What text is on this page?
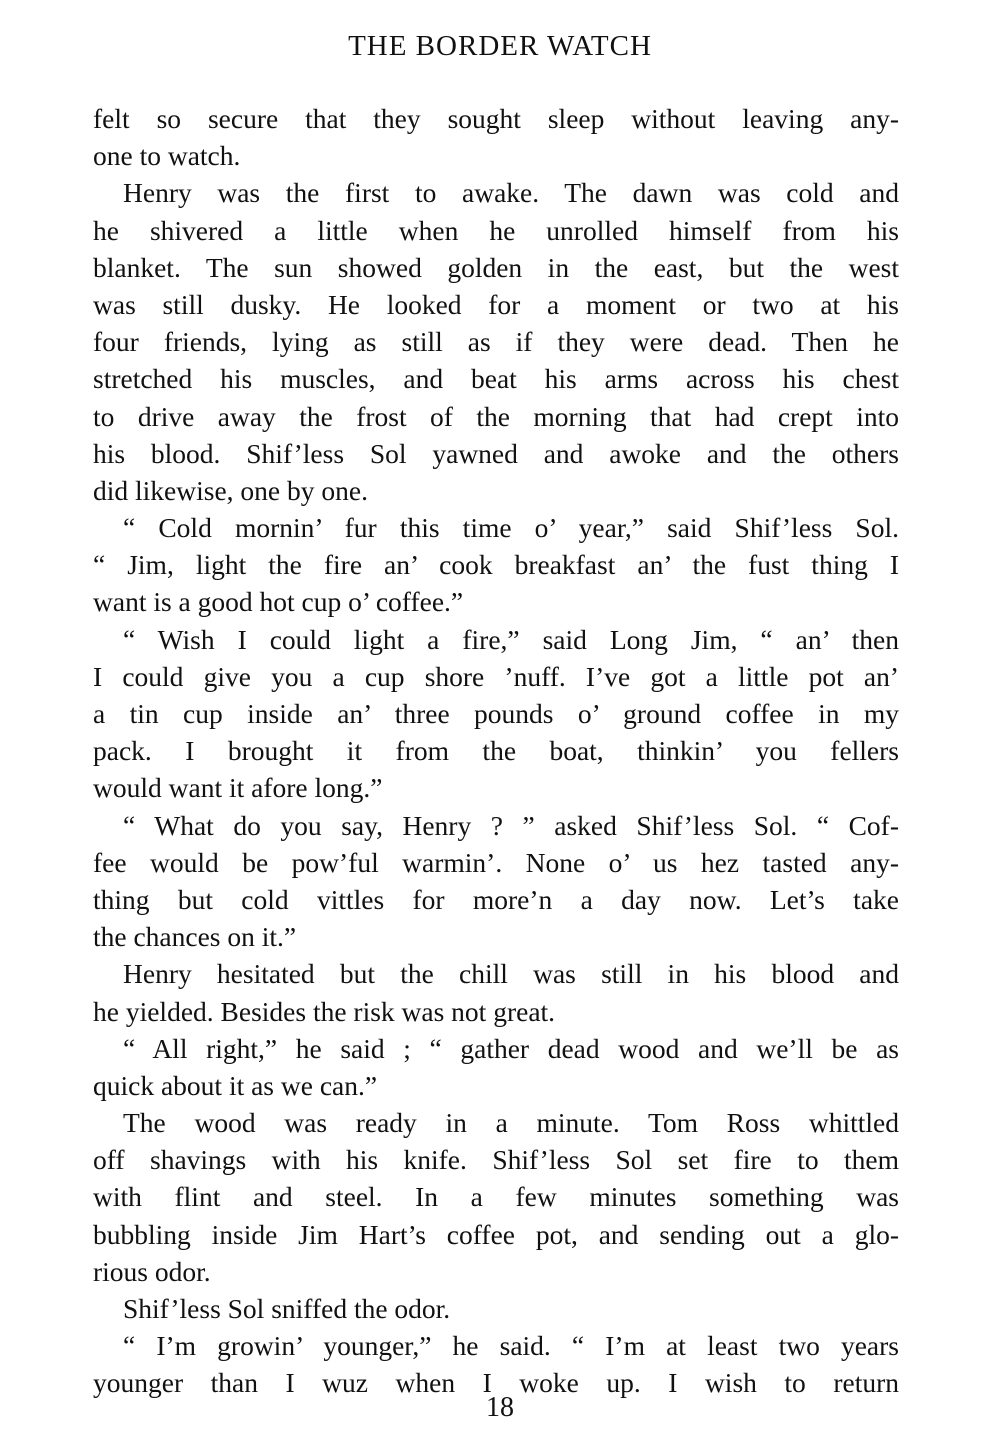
THE BORDER WATCH
felt so secure that they sought sleep without leaving any-
one to watch.
Henry was the first to awake. The dawn was cold and
he shivered a little when he unrolled himself from his
blanket. The sun showed golden in the east, but the west
was still dusky. He looked for a moment or two at his
four friends, lying as still as if they were dead. Then he
stretched his muscles, and beat his arms across his chest
to drive away the frost of the morning that had crept into
his blood. Shif’less Sol yawned and awoke and the others
did likewise, one by one.
“ Cold mornin’ fur this time o’ year,” said Shif’less Sol.
“ Jim, light the fire an’ cook breakfast an’ the fust thing I
want is a good hot cup o’ coffee.”
“ Wish I could light a fire,” said Long Jim, “ an’ then
I could give you a cup shore ’nuff. I’ve got a little pot an’
a tin cup inside an’ three pounds o’ ground coffee in my
pack. I brought it from the boat, thinkin’ you fellers
would want it afore long.”
“ What do you say, Henry ? ” asked Shif’less Sol. “ Cof-
fee would be pow’ful warmin’. None o’ us hez tasted any-
thing but cold vittles for more’n a day now. Let’s take
the chances on it.”
Henry hesitated but the chill was still in his blood and
he yielded. Besides the risk was not great.
“ All right,” he said ; “ gather dead wood and we’ll be as
quick about it as we can.”
The wood was ready in a minute. Tom Ross whittled
off shavings with his knife. Shif’less Sol set fire to them
with flint and steel. In a few minutes something was
bubbling inside Jim Hart’s coffee pot, and sending out a glo-
rious odor.
Shif’less Sol sniffed the odor.
“ I’m growin’ younger,” he said. “ I’m at least two years
younger than I wuz when I woke up. I wish to return
18
